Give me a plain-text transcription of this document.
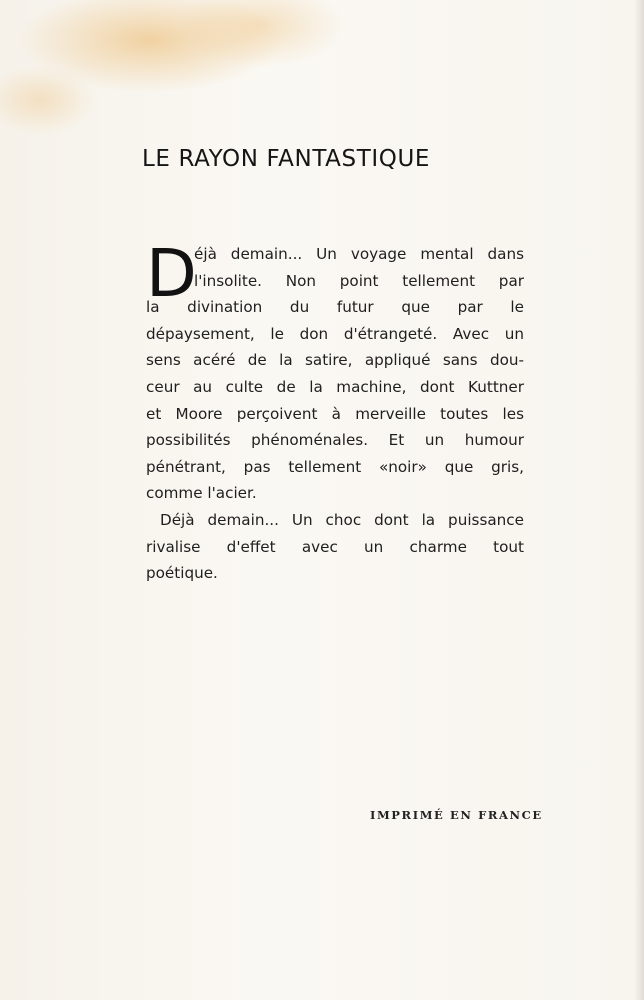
LE RAYON FANTASTIQUE
D
éjà demain... Un voyage mental dans
l'insolite. Non point tellement par
la divination du futur que par le
dépaysement, le don d'étrangeté. Avec un
sens acéré de la satire, appliqué sans dou-
ceur au culte de la machine, dont Kuttner
et Moore perçoivent à merveille toutes les
possibilités phénoménales. Et un humour
pénétrant, pas tellement «noir» que gris,
comme l'acier.
Déjà demain... Un choc dont la puissance
rivalise d'effet avec un charme tout
poétique.

IMPRIMÉ EN FRANCE
